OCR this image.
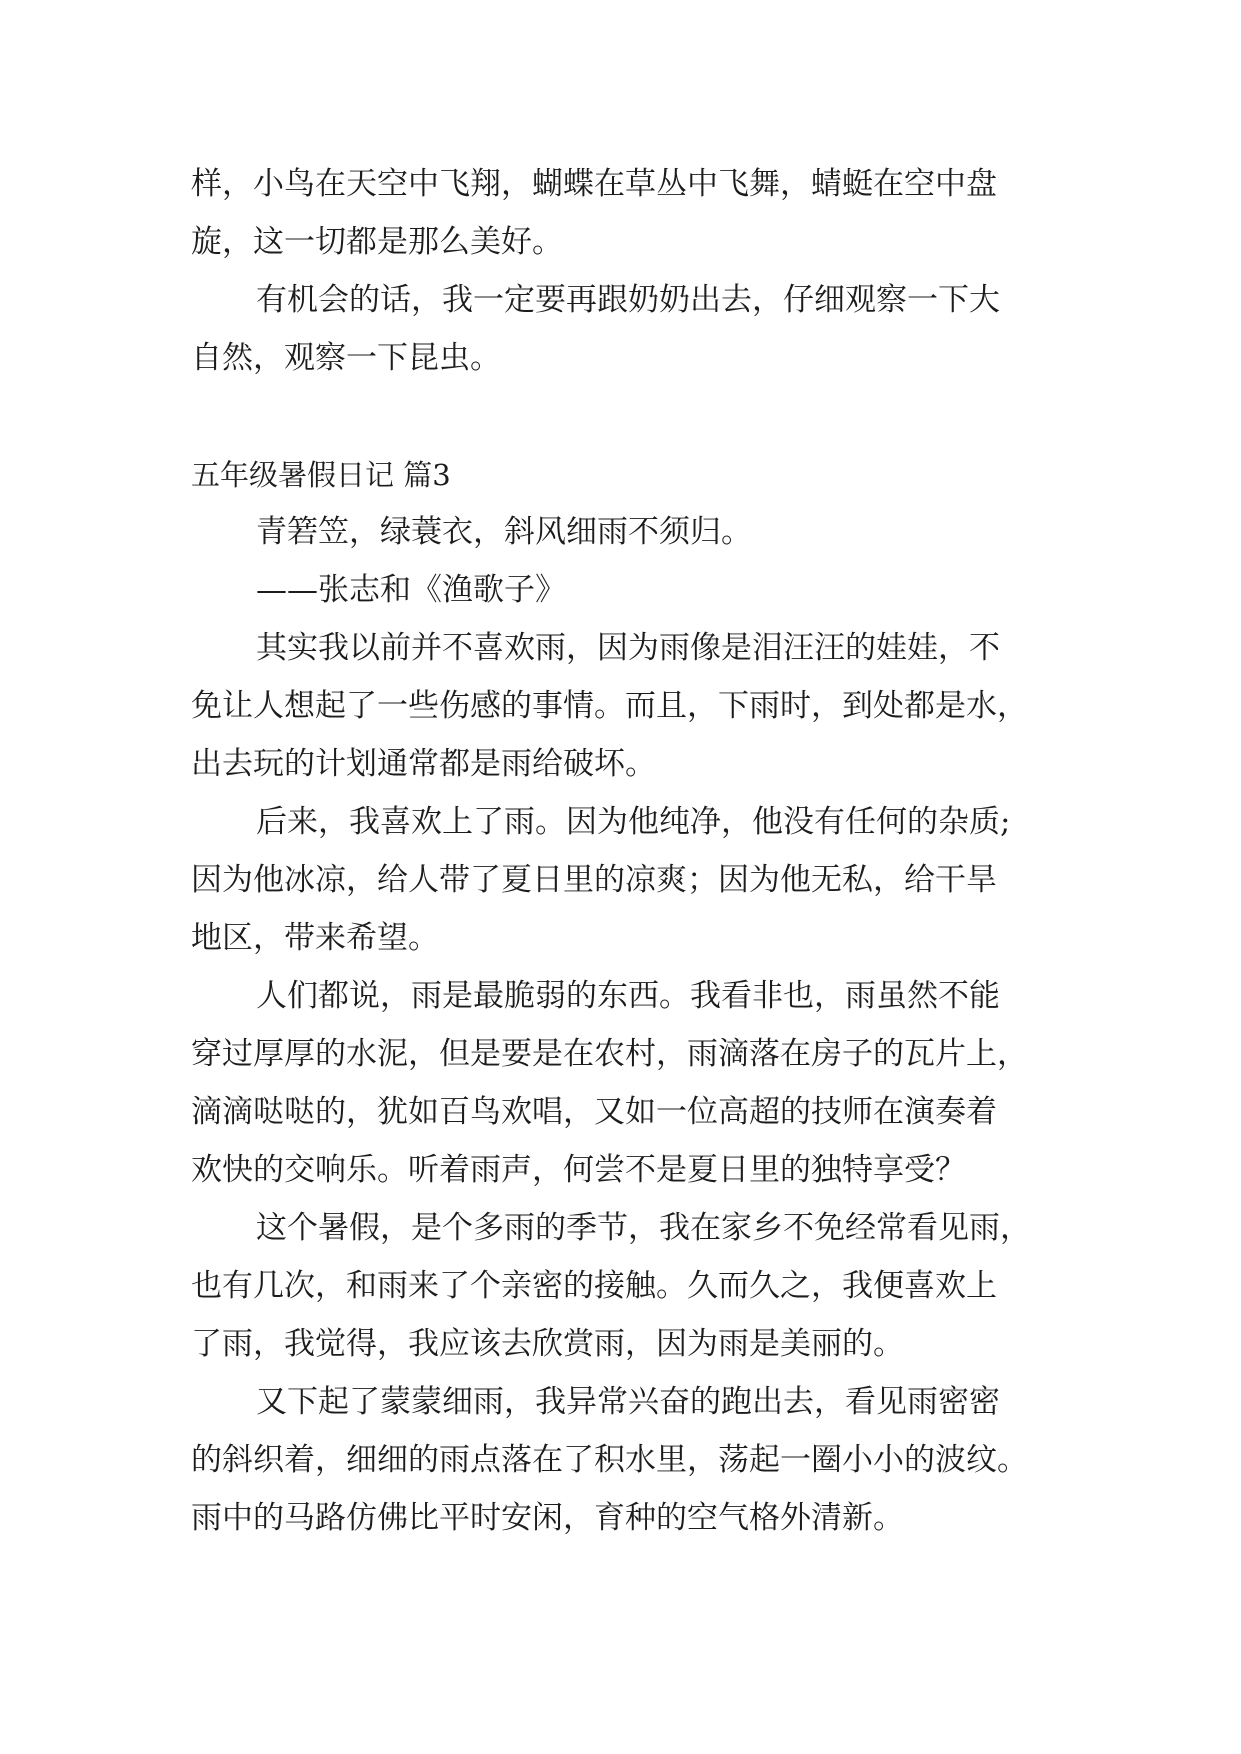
样，小鸟在天空中飞翔，蝴蝶在草丛中飞舞，蜻蜓在空中盘
旋，这一切都是那么美好。
有机会的话，我一定要再跟奶奶出去，仔细观察一下大
自然，观察一下昆虫。
五年级暑假日记 篇3
青箬笠，绿蓑衣，斜风细雨不须归。
——张志和《渔歌子》
其实我以前并不喜欢雨，因为雨像是泪汪汪的娃娃，不
免让人想起了一些伤感的事情。而且，下雨时，到处都是水，
出去玩的计划通常都是雨给破坏。
后来，我喜欢上了雨。因为他纯净，他没有任何的杂质;
因为他冰凉，给人带了夏日里的凉爽；因为他无私，给干旱
地区，带来希望。
人们都说，雨是最脆弱的东西。我看非也，雨虽然不能
穿过厚厚的水泥，但是要是在农村，雨滴落在房子的瓦片上，
滴滴哒哒的，犹如百鸟欢唱，又如一位高超的技师在演奏着
欢快的交响乐。听着雨声，何尝不是夏日里的独特享受？
这个暑假，是个多雨的季节，我在家乡不免经常看见雨，
也有几次，和雨来了个亲密的接触。久而久之，我便喜欢上
了雨，我觉得，我应该去欣赏雨，因为雨是美丽的。
又下起了蒙蒙细雨，我异常兴奋的跑出去，看见雨密密
的斜织着，细细的雨点落在了积水里，荡起一圈小小的波纹。
雨中的马路仿佛比平时安闲，育种的空气格外清新。
